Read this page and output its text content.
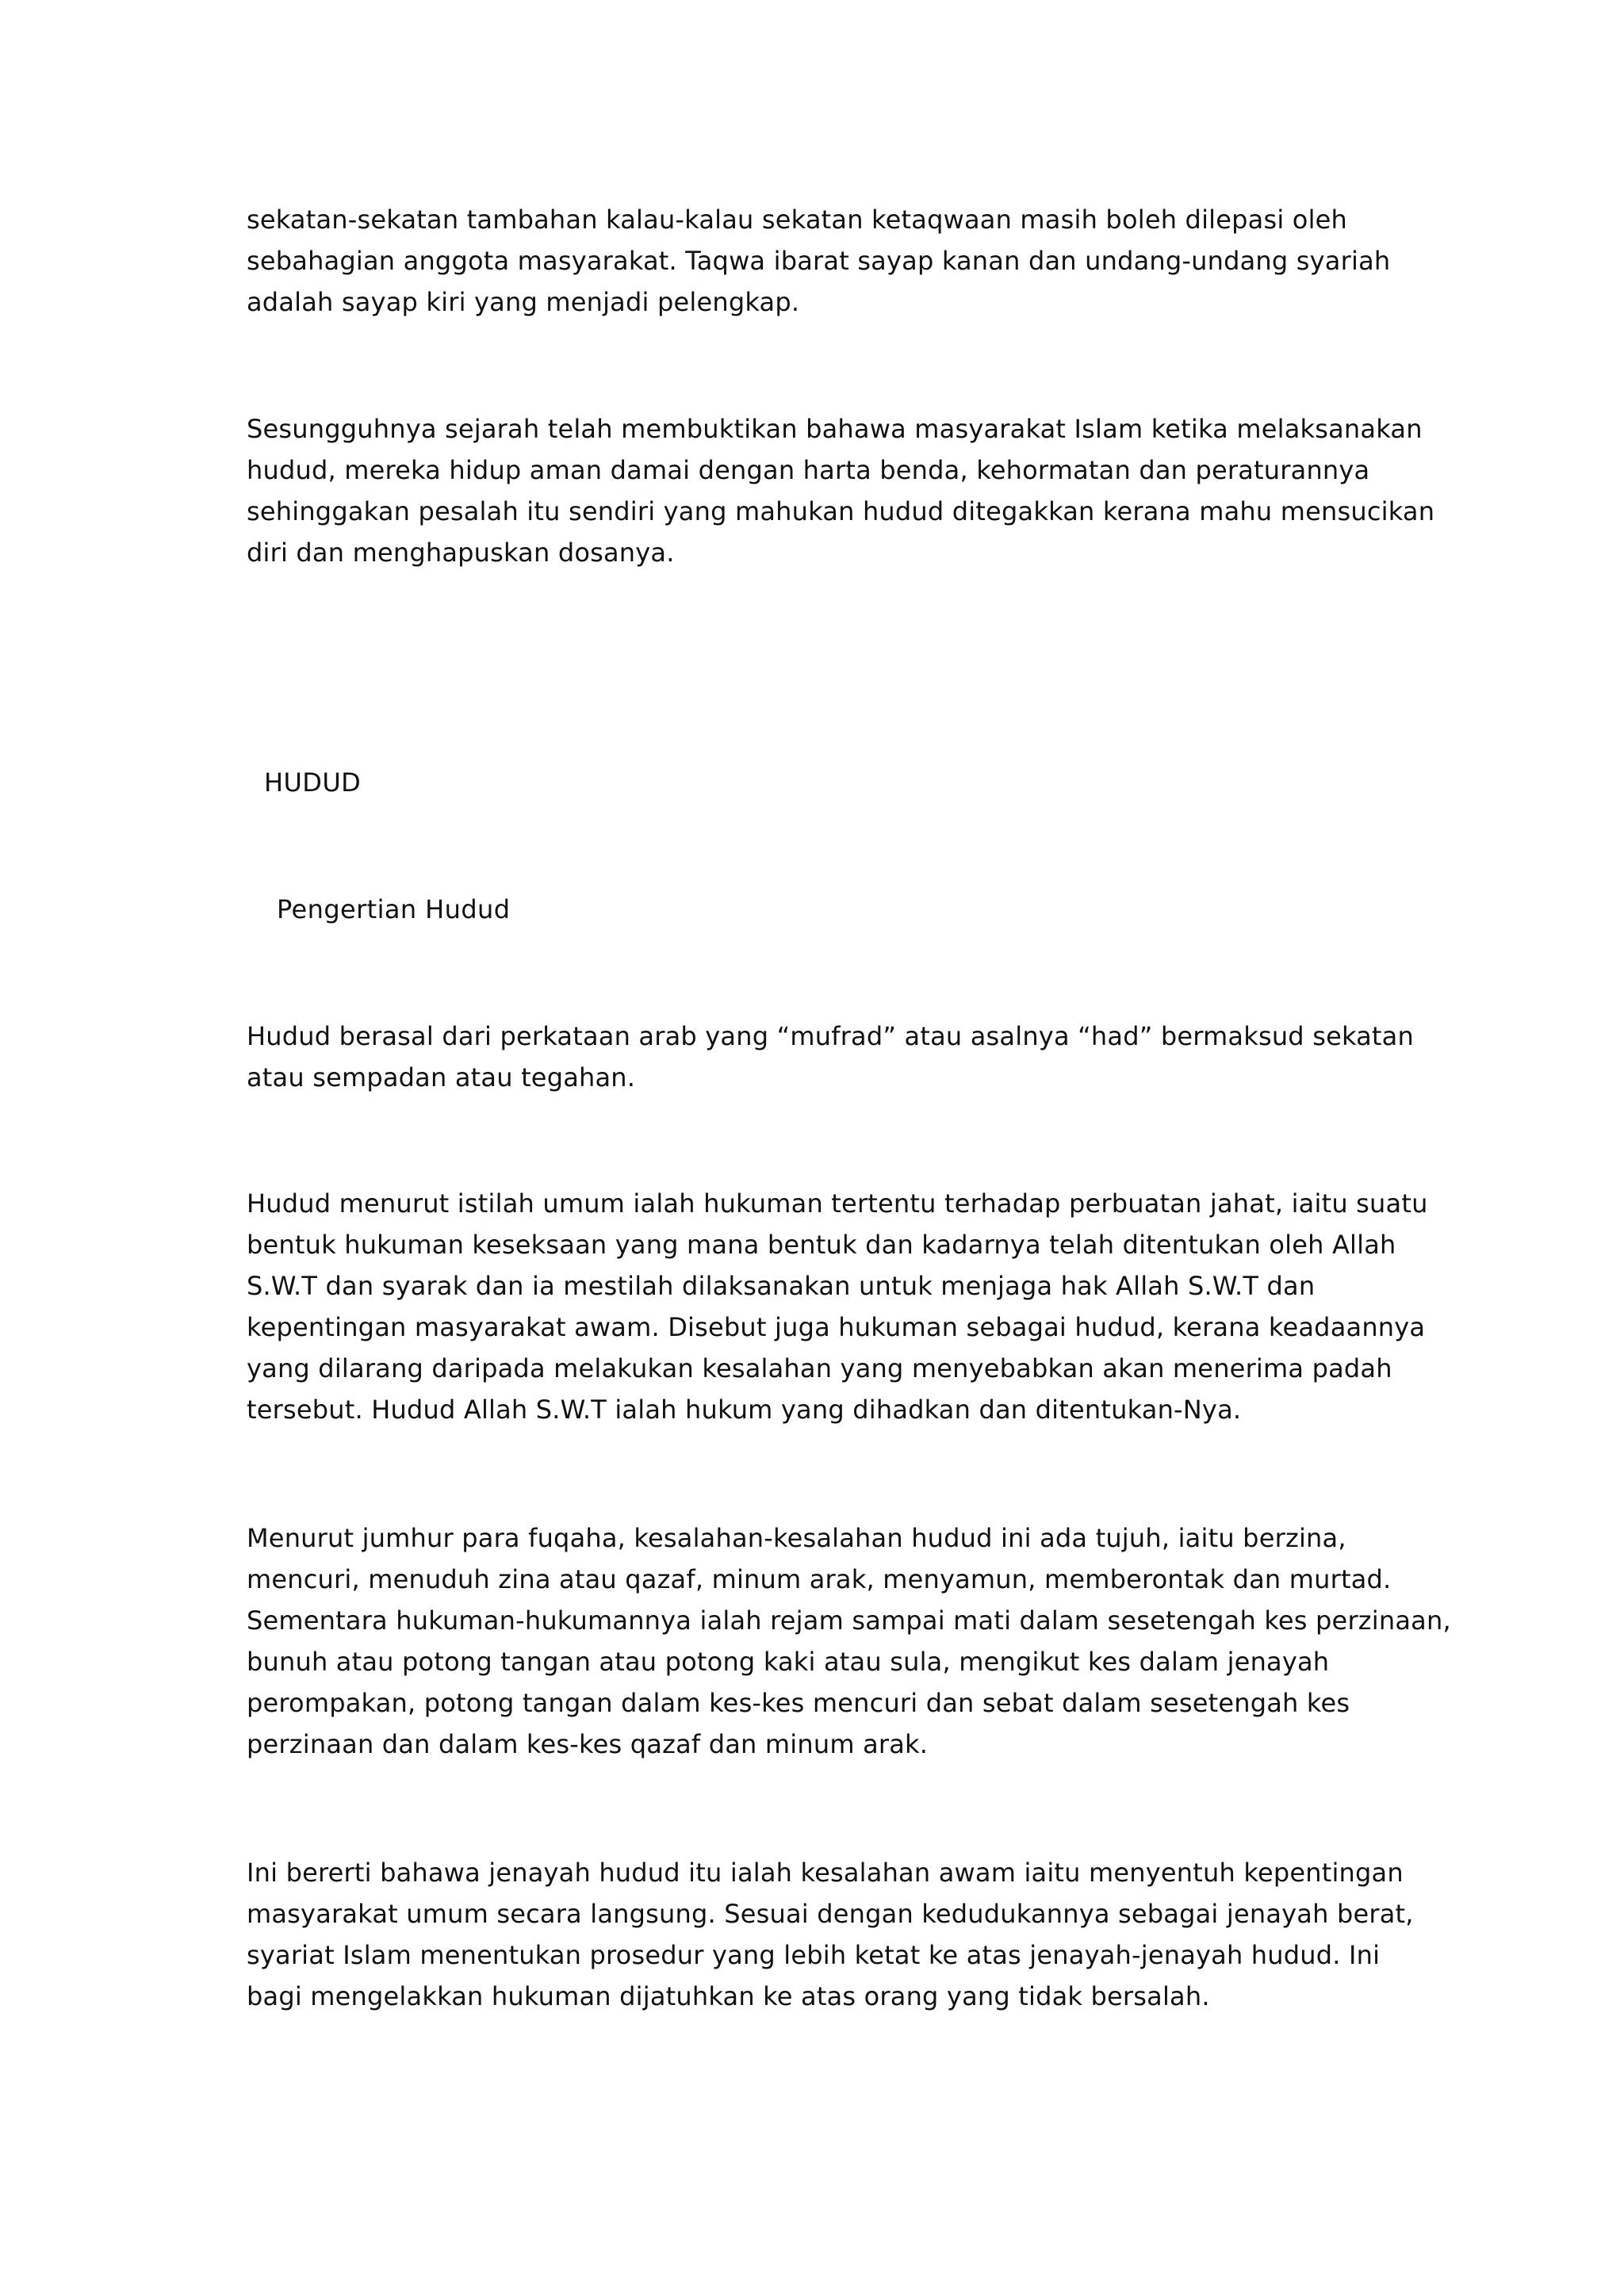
sekatan-sekatan tambahan kalau-kalau sekatan ketaqwaan masih boleh dilepasi oleh
sebahagian anggota masyarakat. Taqwa ibarat sayap kanan dan undang-undang syariah
adalah sayap kiri yang menjadi pelengkap.

Sesungguhnya sejarah telah membuktikan bahawa masyarakat Islam ketika melaksanakan
hudud, mereka hidup aman damai dengan harta benda, kehormatan dan peraturannya
sehinggakan pesalah itu sendiri yang mahukan hudud ditegakkan kerana mahu mensucikan
diri dan menghapuskan dosanya.

HUDUD
Pengertian Hudud

Hudud berasal dari perkataan arab yang “mufrad” atau asalnya “had” bermaksud sekatan
atau sempadan atau tegahan.

Hudud menurut istilah umum ialah hukuman tertentu terhadap perbuatan jahat, iaitu suatu
bentuk hukuman keseksaan yang mana bentuk dan kadarnya telah ditentukan oleh Allah
S.W.T dan syarak dan ia mestilah dilaksanakan untuk menjaga hak Allah S.W.T dan
kepentingan masyarakat awam. Disebut juga hukuman sebagai hudud, kerana keadaannya
yang dilarang daripada melakukan kesalahan yang menyebabkan akan menerima padah
tersebut. Hudud Allah S.W.T ialah hukum yang dihadkan dan ditentukan-Nya.

Menurut jumhur para fuqaha, kesalahan-kesalahan hudud ini ada tujuh, iaitu berzina,
mencuri, menuduh zina atau qazaf, minum arak, menyamun, memberontak dan murtad.
Sementara hukuman-hukumannya ialah rejam sampai mati dalam sesetengah kes perzinaan,
bunuh atau potong tangan atau potong kaki atau sula, mengikut kes dalam jenayah
perompakan, potong tangan dalam kes-kes mencuri dan sebat dalam sesetengah kes
perzinaan dan dalam kes-kes qazaf dan minum arak.

Ini bererti bahawa jenayah hudud itu ialah kesalahan awam iaitu menyentuh kepentingan
masyarakat umum secara langsung. Sesuai dengan kedudukannya sebagai jenayah berat,
syariat Islam menentukan prosedur yang lebih ketat ke atas jenayah-jenayah hudud. Ini
bagi mengelakkan hukuman dijatuhkan ke atas orang yang tidak bersalah.
